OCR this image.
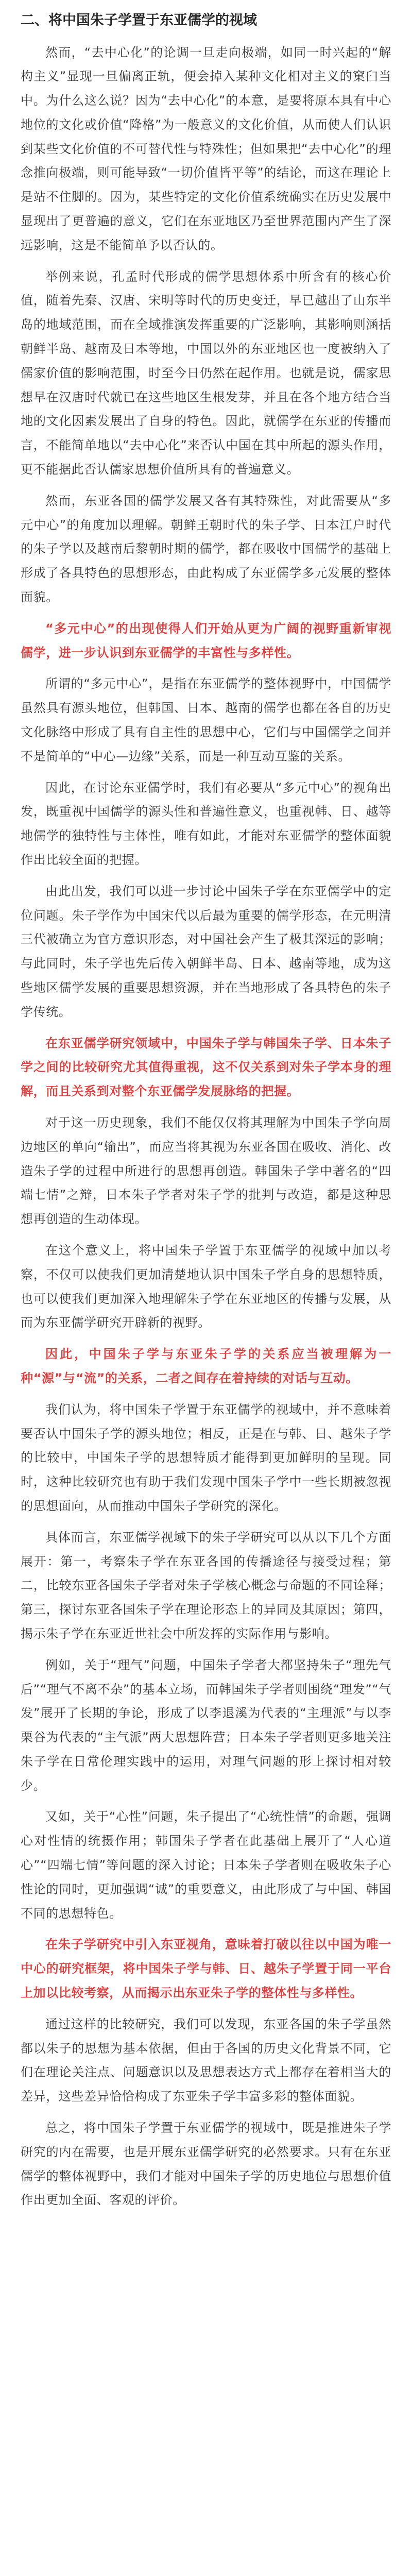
二、将中国朱子学置于东亚儒学的视域

然而，“去中心化”的论调一旦走向极端，如同一时兴起的“解构主义”显现一旦偏离正轨，便会掉入某种文化相对主义的窠臼当中。为什么这么说？因为“去中心化”的本意，是要将原本具有中心地位的文化或价值“降格”为一般意义的文化价值，从而使人们认识到某些文化价值的不可替代性与特殊性；但如果把“去中心化”的理念推向极端，则可能导致“一切价值皆平等”的结论，而这在理论上是站不住脚的。因为，某些特定的文化价值系统确实在历史发展中显现出了更普遍的意义，它们在东亚地区乃至世界范围内产生了深远影响，这是不能简单予以否认的。

举例来说，孔孟时代形成的儒学思想体系中所含有的核心价值，随着先秦、汉唐、宋明等时代的历史变迁，早已越出了山东半岛的地域范围，而在全域推演发挥重要的广泛影响，其影响则涵括朝鲜半岛、越南及日本等地，中国以外的东亚地区也一度被纳入了儒家价值的影响范围，时至今日仍然在起作用。也就是说，儒家思想早在汉唐时代就已在这些地区生根发芽，并且在各个地方结合当地的文化因素发展出了自身的特色。因此，就儒学在东亚的传播而言，不能简单地以“去中心化”来否认中国在其中所起的源头作用，更不能据此否认儒家思想价值所具有的普遍意义。

然而，东亚各国的儒学发展又各有其特殊性，对此需要从“多元中心”的角度加以理解。朝鲜王朝时代的朱子学、日本江户时代的朱子学以及越南后黎朝时期的儒学，都在吸收中国儒学的基础上形成了各具特色的思想形态，由此构成了东亚儒学多元发展的整体面貌。

“多元中心”的出现使得人们开始从更为广阔的视野重新审视儒学，进一步认识到东亚儒学的丰富性与多样性。

所谓的“多元中心”，是指在东亚儒学的整体视野中，中国儒学虽然具有源头地位，但韩国、日本、越南的儒学也都在各自的历史文化脉络中形成了具有自主性的思想中心，它们与中国儒学之间并不是简单的“中心—边缘”关系，而是一种互动互鉴的关系。

因此，在讨论东亚儒学时，我们有必要从“多元中心”的视角出发，既重视中国儒学的源头性和普遍性意义，也重视韩、日、越等地儒学的独特性与主体性，唯有如此，才能对东亚儒学的整体面貌作出比较全面的把握。

由此出发，我们可以进一步讨论中国朱子学在东亚儒学中的定位问题。朱子学作为中国宋代以后最为重要的儒学形态，在元明清三代被确立为官方意识形态，对中国社会产生了极其深远的影响；与此同时，朱子学也先后传入朝鲜半岛、日本、越南等地，成为这些地区儒学发展的重要思想资源，并在当地形成了各具特色的朱子学传统。

在东亚儒学研究领域中，中国朱子学与韩国朱子学、日本朱子学之间的比较研究尤其值得重视，这不仅关系到对朱子学本身的理解，而且关系到对整个东亚儒学发展脉络的把握。

对于这一历史现象，我们不能仅仅将其理解为中国朱子学向周边地区的单向“输出”，而应当将其视为东亚各国在吸收、消化、改造朱子学的过程中所进行的思想再创造。韩国朱子学中著名的“四端七情”之辩，日本朱子学者对朱子学的批判与改造，都是这种思想再创造的生动体现。

在这个意义上，将中国朱子学置于东亚儒学的视域中加以考察，不仅可以使我们更加清楚地认识中国朱子学自身的思想特质，也可以使我们更加深入地理解朱子学在东亚地区的传播与发展，从而为东亚儒学研究开辟新的视野。

因此，中国朱子学与东亚朱子学的关系应当被理解为一种“源”与“流”的关系，二者之间存在着持续的对话与互动。

我们认为，将中国朱子学置于东亚儒学的视域中，并不意味着要否认中国朱子学的源头地位；相反，正是在与韩、日、越朱子学的比较中，中国朱子学的思想特质才能得到更加鲜明的呈现。同时，这种比较研究也有助于我们发现中国朱子学中一些长期被忽视的思想面向，从而推动中国朱子学研究的深化。

具体而言，东亚儒学视域下的朱子学研究可以从以下几个方面展开：第一，考察朱子学在东亚各国的传播途径与接受过程；第二，比较东亚各国朱子学者对朱子学核心概念与命题的不同诠释；第三，探讨东亚各国朱子学在理论形态上的异同及其原因；第四，揭示朱子学在东亚近世社会中所发挥的实际作用与影响。

例如，关于“理气”问题，中国朱子学者大都坚持朱子“理先气后”“理气不离不杂”的基本立场，而韩国朱子学者则围绕“理发”“气发”展开了长期的争论，形成了以李退溪为代表的“主理派”与以李栗谷为代表的“主气派”两大思想阵营；日本朱子学者则更多地关注朱子学在日常伦理实践中的运用，对理气问题的形上探讨相对较少。

又如，关于“心性”问题，朱子提出了“心统性情”的命题，强调心对性情的统摄作用；韩国朱子学者在此基础上展开了“人心道心”“四端七情”等问题的深入讨论；日本朱子学者则在吸收朱子心性论的同时，更加强调“诚”的重要意义，由此形成了与中国、韩国不同的思想特色。

在朱子学研究中引入东亚视角，意味着打破以往以中国为唯一中心的研究框架，将中国朱子学与韩、日、越朱子学置于同一平台上加以比较考察，从而揭示出东亚朱子学的整体性与多样性。

通过这样的比较研究，我们可以发现，东亚各国的朱子学虽然都以朱子的思想为基本依据，但由于各国的历史文化背景不同，它们在理论关注点、问题意识以及思想表达方式上都存在着相当大的差异，这些差异恰恰构成了东亚朱子学丰富多彩的整体面貌。

总之，将中国朱子学置于东亚儒学的视域中，既是推进朱子学研究的内在需要，也是开展东亚儒学研究的必然要求。只有在东亚儒学的整体视野中，我们才能对中国朱子学的历史地位与思想价值作出更加全面、客观的评价。
